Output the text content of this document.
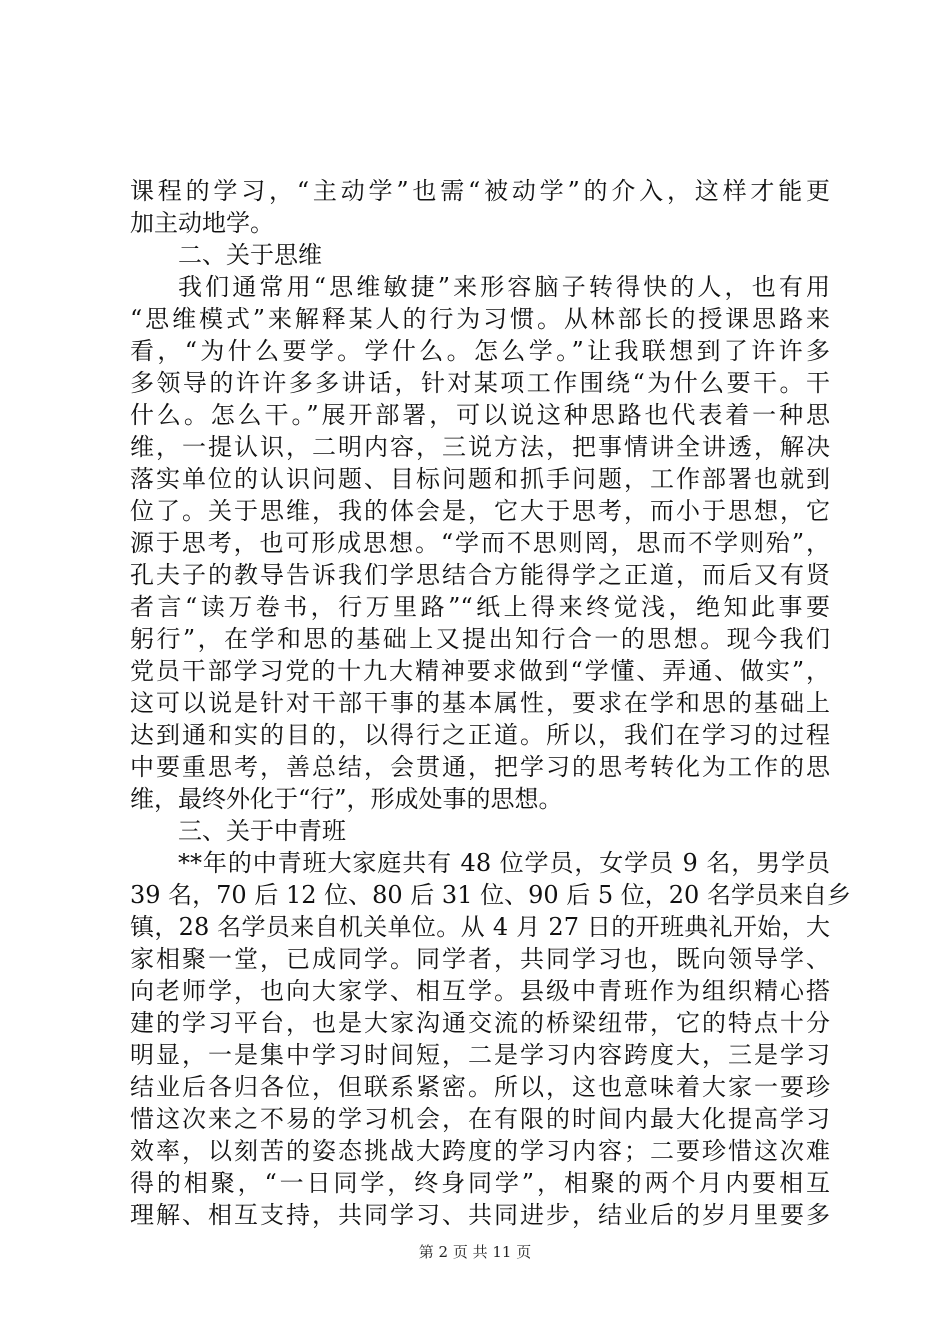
课程的学习，“主动学”也需“被动学”的介入，这样才能更
加主动地学。
二、关于思维
我们通常用“思维敏捷”来形容脑子转得快的人，也有用
“思维模式”来解释某人的行为习惯。从林部长的授课思路来
看，“为什么要学。学什么。怎么学。”让我联想到了许许多
多领导的许许多多讲话，针对某项工作围绕“为什么要干。干
什么。怎么干。”展开部署，可以说这种思路也代表着一种思
维，一提认识，二明内容，三说方法，把事情讲全讲透，解决
落实单位的认识问题、目标问题和抓手问题，工作部署也就到
位了。关于思维，我的体会是，它大于思考，而小于思想，它
源于思考，也可形成思想。“学而不思则罔，思而不学则殆”，
孔夫子的教导告诉我们学思结合方能得学之正道，而后又有贤
者言“读万卷书，行万里路”“纸上得来终觉浅，绝知此事要
躬行”，在学和思的基础上又提出知行合一的思想。现今我们
党员干部学习党的十九大精神要求做到“学懂、弄通、做实”，
这可以说是针对干部干事的基本属性，要求在学和思的基础上
达到通和实的目的，以得行之正道。所以，我们在学习的过程
中要重思考，善总结，会贯通，把学习的思考转化为工作的思
维，最终外化于“行”，形成处事的思想。
三、关于中青班
**年的中青班大家庭共有 48 位学员，女学员 9 名，男学员
39 名，70 后 12 位、80 后 31 位、90 后 5 位，20 名学员来自乡
镇，28 名学员来自机关单位。从 4 月 27 日的开班典礼开始，大
家相聚一堂，已成同学。同学者，共同学习也，既向领导学、
向老师学，也向大家学、相互学。县级中青班作为组织精心搭
建的学习平台，也是大家沟通交流的桥梁纽带，它的特点十分
明显，一是集中学习时间短，二是学习内容跨度大，三是学习
结业后各归各位，但联系紧密。所以，这也意味着大家一要珍
惜这次来之不易的学习机会，在有限的时间内最大化提高学习
效率，以刻苦的姿态挑战大跨度的学习内容；二要珍惜这次难
得的相聚，“一日同学，终身同学”，相聚的两个月内要相互
理解、相互支持，共同学习、共同进步，结业后的岁月里要多
第 2 页 共 11 页
